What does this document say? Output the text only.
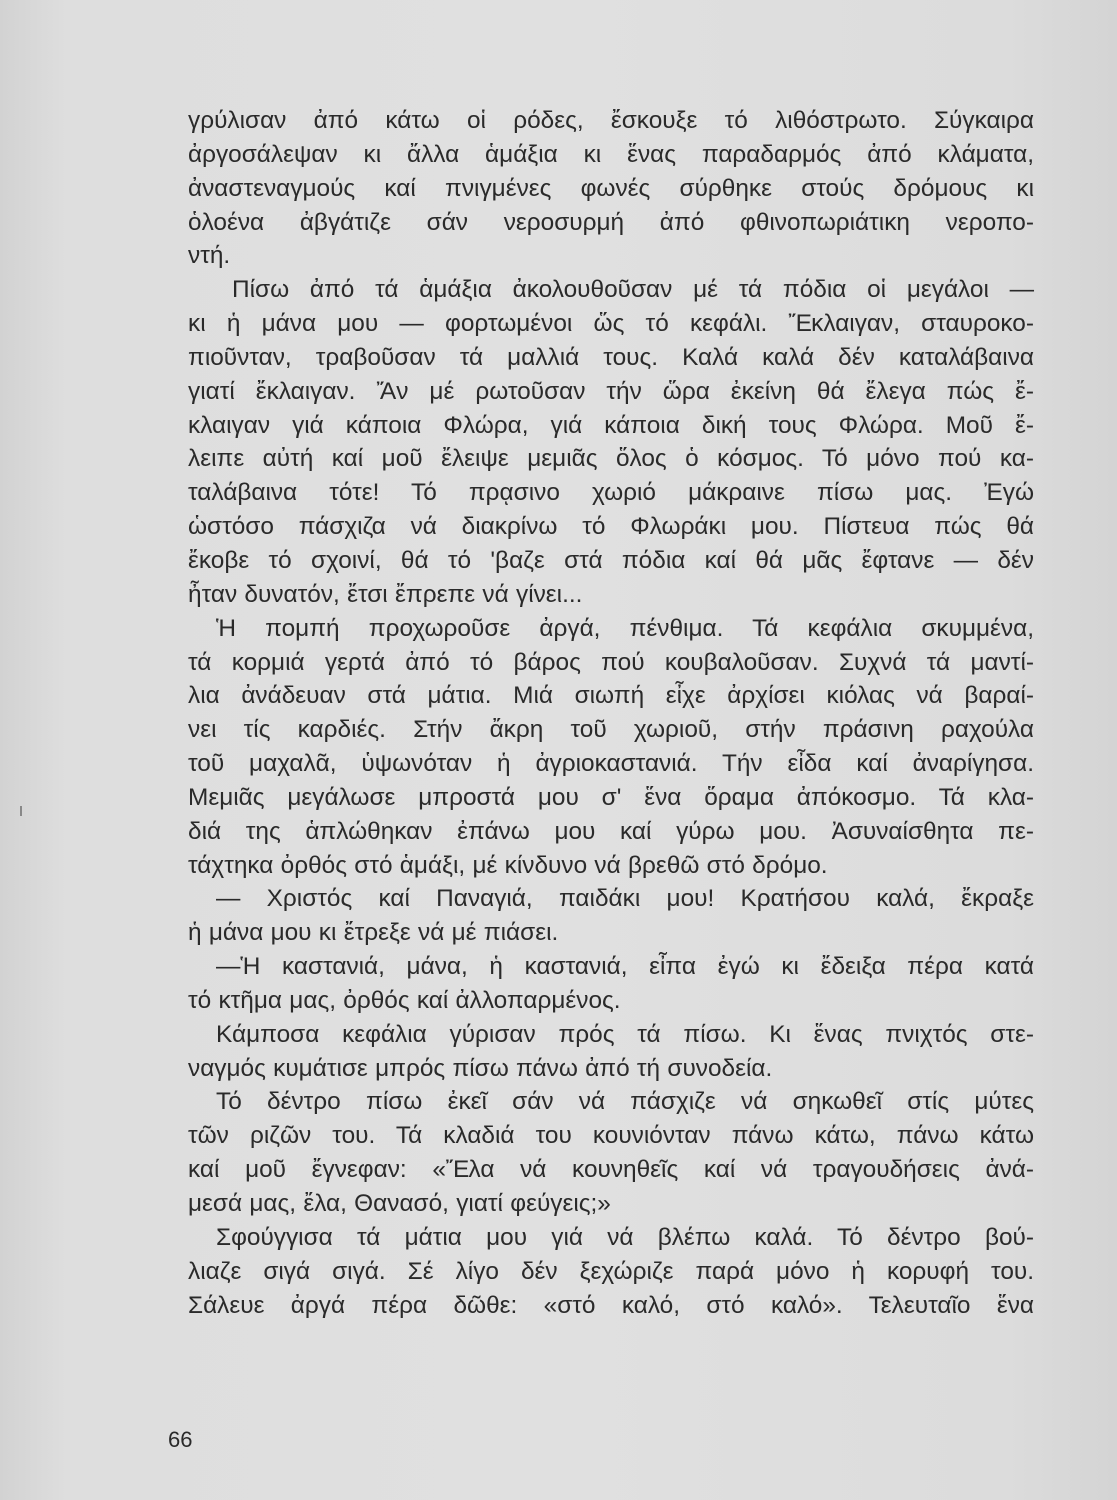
γρύλισαν ἀπό κάτω οἱ ρόδες, ἔσκουξε τό λιθόστρωτο. Σύγκαιρα
ἀργοσάλεψαν κι ἄλλα ἁμάξια κι ἕνας παραδαρμός ἀπό κλάματα,
ἀναστεναγμούς καί πνιγμένες φωνές σύρθηκε στούς δρόμους κι
ὁλοένα ἀβγάτιζε σάν νεροσυρμή ἀπό φθινοπωριάτικη νεροπο-
ντή.
Πίσω ἀπό τά ἁμάξια ἀκολουθοῦσαν μέ τά πόδια οἱ μεγάλοι —
κι ἡ μάνα μου — φορτωμένοι ὥς τό κεφάλι. Ἔκλαιγαν, σταυροκο-
πιοῦνταν, τραβοῦσαν τά μαλλιά τους. Καλά καλά δέν καταλάβαινα
γιατί ἔκλαιγαν. Ἄν μέ ρωτοῦσαν τήν ὥρα ἐκείνη θά ἔλεγα πώς ἔ-
κλαιγαν γιά κάποια Φλώρα, γιά κάποια δική τους Φλώρα. Μοῦ ἔ-
λειπε αὐτή καί μοῦ ἔλειψε μεμιᾶς ὅλος ὁ κόσμος. Τό μόνο πού κα-
ταλάβαινα τότε! Τό πρᾳσινο χωριό μάκραινε πίσω μας. Ἐγώ
ὡστόσο πάσχιζα νά διακρίνω τό Φλωράκι μου. Πίστευα πώς θά
ἔκοβε τό σχοινί, θά τό 'βαζε στά πόδια καί θά μᾶς ἔφτανε — δέν
ἦταν δυνατόν, ἔτσι ἔπρεπε νά γίνει...
Ἡ πομπή προχωροῦσε ἀργά, πένθιμα. Τά κεφάλια σκυμμένα,
τά κορμιά γερτά ἀπό τό βάρος πού κουβαλοῦσαν. Συχνά τά μαντί-
λια ἀνάδευαν στά μάτια. Μιά σιωπή εἶχε ἀρχίσει κιόλας νά βαραί-
νει τίς καρδιές. Στήν ἄκρη τοῦ χωριοῦ, στήν πράσινη ραχούλα
τοῦ μαχαλᾶ, ὑψωνόταν ἡ ἀγριοκαστανιά. Τήν εἶδα καί ἀναρίγησα.
Μεμιᾶς μεγάλωσε μπροστά μου σ' ἕνα ὅραμα ἀπόκοσμο. Τά κλα-
διά της ἁπλώθηκαν ἐπάνω μου καί γύρω μου. Ἀσυναίσθητα πε-
τάχτηκα ὀρθός στό ἁμάξι, μέ κίνδυνο νά βρεθῶ στό δρόμο.
— Χριστός καί Παναγιά, παιδάκι μου! Κρατήσου καλά, ἔκραξε
ἡ μάνα μου κι ἔτρεξε νά μέ πιάσει.
—Ἡ καστανιά, μάνα, ἡ καστανιά, εἶπα ἐγώ κι ἔδειξα πέρα κατά
τό κτῆμα μας, ὀρθός καί ἀλλοπαρμένος.
Κάμποσα κεφάλια γύρισαν πρός τά πίσω. Κι ἕνας πνιχτός στε-
ναγμός κυμάτισε μπρός πίσω πάνω ἀπό τή συνοδεία.
Τό δέντρο πίσω ἐκεῖ σάν νά πάσχιζε νά σηκωθεῖ στίς μύτες
τῶν ριζῶν του. Τά κλαδιά του κουνιόνταν πάνω κάτω, πάνω κάτω
καί μοῦ ἔγνεφαν: «Ἔλα νά κουνηθεῖς καί νά τραγουδήσεις ἀνά-
μεσά μας, ἔλα, Θανασό, γιατί φεύγεις;»
Σφούγγισα τά μάτια μου γιά νά βλέπω καλά. Τό δέντρο βού-
λιαζε σιγά σιγά. Σέ λίγο δέν ξεχώριζε παρά μόνο ἡ κορυφή του.
Σάλευε ἀργά πέρα δῶθε: «στό καλό, στό καλό». Τελευταῖο ἕνα
66
